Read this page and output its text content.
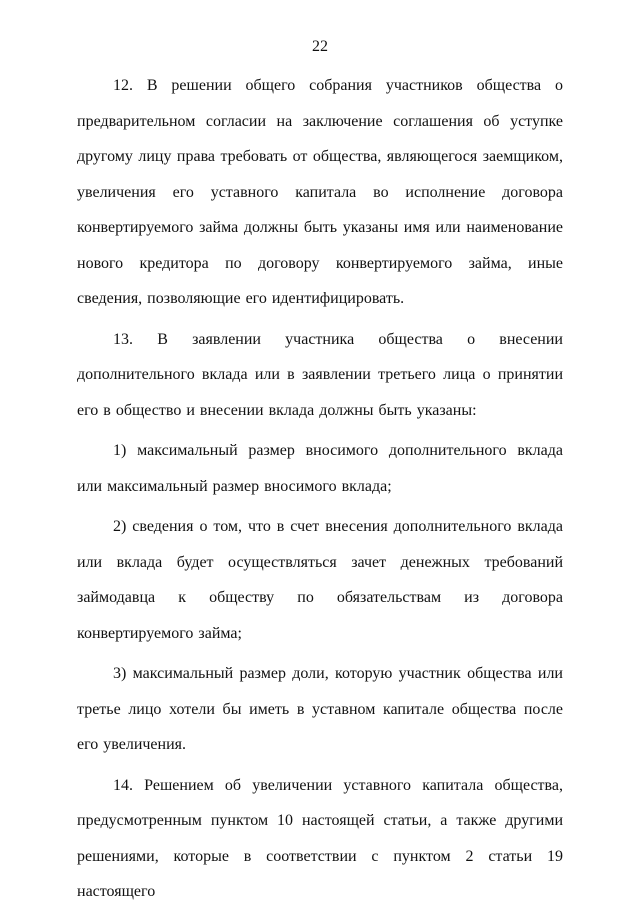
22

12. В решении общего собрания участников общества о предварительном согласии на заключение соглашения об уступке другому лицу права требовать от общества, являющегося заемщиком, увеличения его уставного капитала во исполнение договора конвертируемого займа должны быть указаны имя или наименование нового кредитора по договору конвертируемого займа, иные сведения, позволяющие его идентифицировать.

13. В заявлении участника общества о внесении дополнительного вклада или в заявлении третьего лица о принятии его в общество и внесении вклада должны быть указаны:

1) максимальный размер вносимого дополнительного вклада или максимальный размер вносимого вклада;

2) сведения о том, что в счет внесения дополнительного вклада или вклада будет осуществляться зачет денежных требований займодавца к обществу по обязательствам из договора конвертируемого займа;

3) максимальный размер доли, которую участник общества или третье лицо хотели бы иметь в уставном капитале общества после его увеличения.

14. Решением об увеличении уставного капитала общества, предусмотренным пунктом 10 настоящей статьи, а также другими решениями, которые в соответствии с пунктом 2 статьи 19 настоящего
